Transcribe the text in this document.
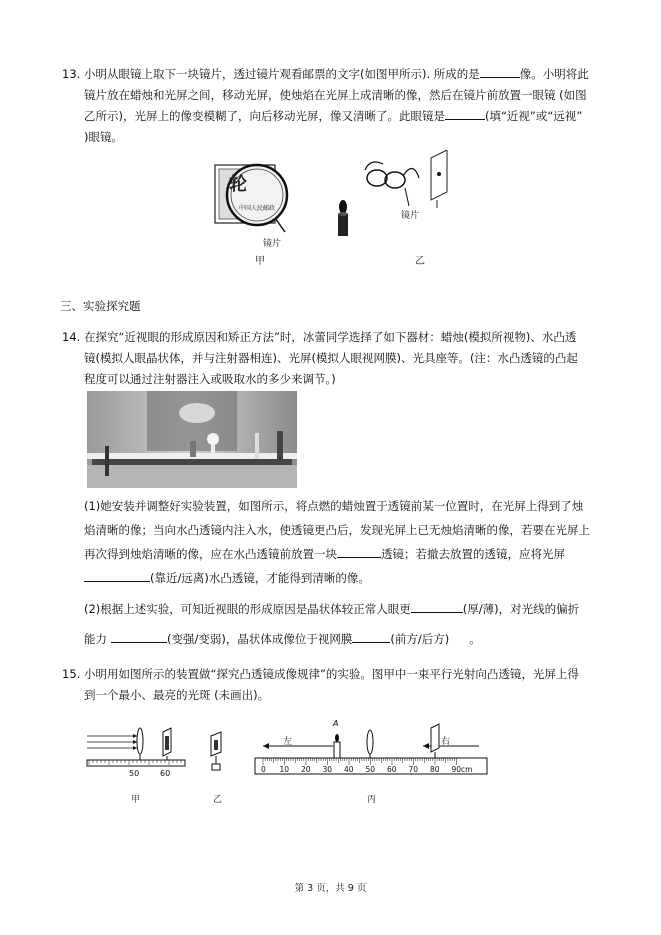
13. 小明从眼镜上取下一块镜片，透过镜片观看邮票的文字(如图甲所示). 所成的是	像。小明将此
镜片放在蜡烛和光屏之间，移动光屏，使烛焰在光屏上成清晰的像，然后在镜片前放置一眼镜 (如图
乙所示)，光屏上的像变模糊了，向后移动光屏，像又清晰了。此眼镜是	(填“近视”或“远视”
)眼镜。
轮
中国人民邮政
镜片
镜片
甲	乙
三、实验探究题
14. 在探究“近视眼的形成原因和矫正方法”时，冰蕾同学选择了如下器材：蜡烛(模拟所视物)、水凸透
镜(模拟人眼晶状体，并与注射器相连)、光屏(模拟人眼视网膜)、光具座等。(注：水凸透镜的凸起
程度可以通过注射器注入或吸取水的多少来调节。)
(1)她安装并调整好实验装置，如图所示，将点燃的蜡烛置于透镜前某一位置时，在光屏上得到了烛
焰清晰的像；当向水凸透镜内注入水，使透镜更凸后，发现光屏上已无烛焰清晰的像，若要在光屏上
再次得到烛焰清晰的像，应在水凸透镜前放置一块	透镜；若撤去放置的透镜，应将光屏
(靠近/远离)水凸透镜，才能得到清晰的像。
(2)根据上述实验，可知近视眼的形成原因是晶状体较正常人眼更	(厚/薄)，对光线的偏折
能力	(变强/变弱)，晶状体成像位于视网膜	(前方/后方) 。
15. 小明用如图所示的装置做“探究凸透镜成像规律”的实验。图甲中一束平行光射向凸透镜，光屏上得
到一个最小、最亮的光斑 (未画出)。
50	60
甲	乙
左	右
A
0 10 20 30 40 50 60 70 80 90cm
丙
第 3 页，共 9 页
